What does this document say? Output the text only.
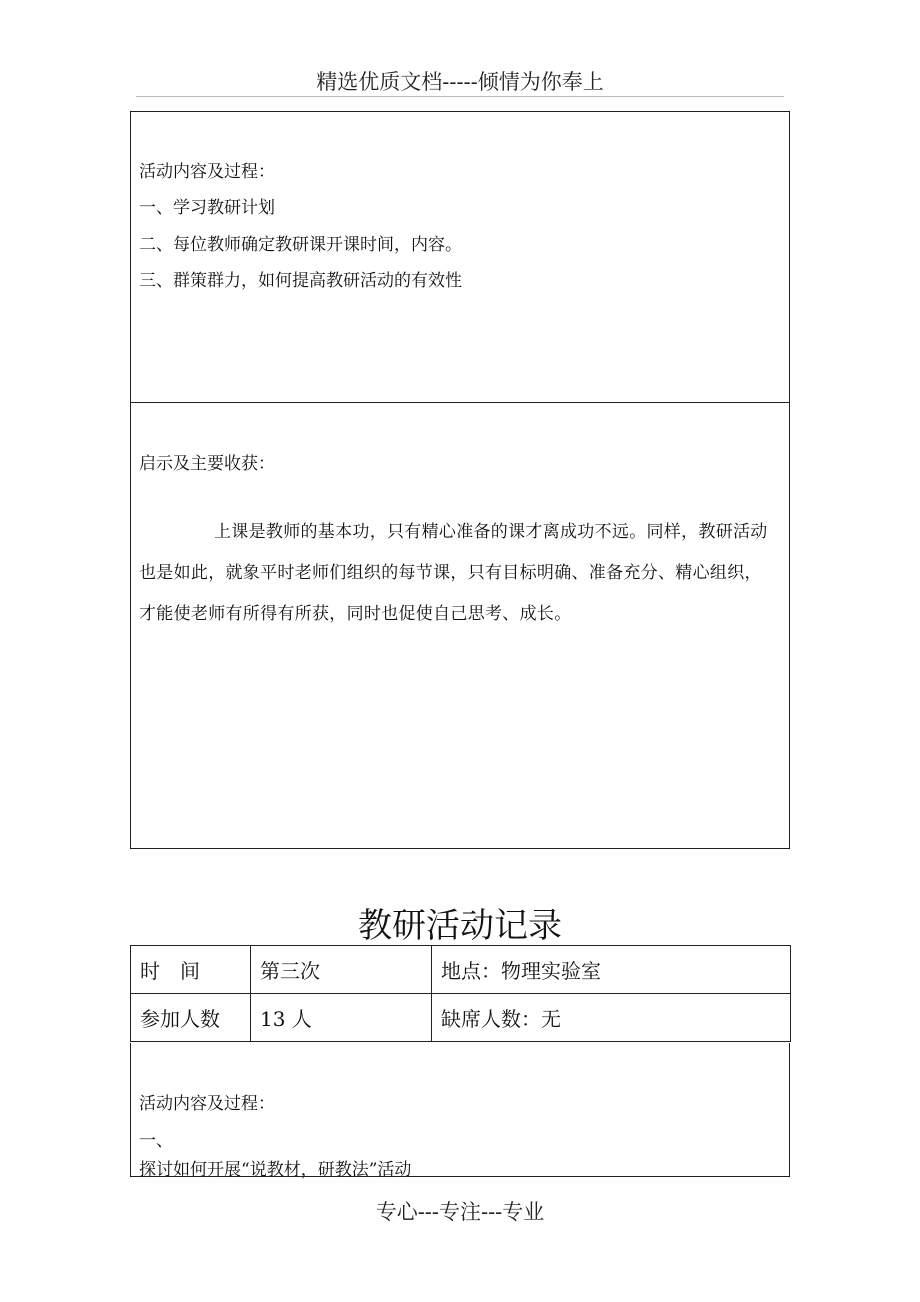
精选优质文档-----倾情为你奉上
活动内容及过程：
一、学习教研计划
二、每位教师确定教研课开课时间，内容。
三、群策群力，如何提高教研活动的有效性
启示及主要收获：
上课是教师的基本功，只有精心准备的课才离成功不远。同样，教研活动也是如此，就象平时老师们组织的每节课，只有目标明确、准备充分、精心组织，才能使老师有所得有所获，同时也促使自己思考、成长。
教研活动记录
时　间	第三次	地点：物理实验室
参加人数	13 人	缺席人数：无
活动内容及过程：
一、
探讨如何开展“说教材，研教法”活动
专心---专注---专业
